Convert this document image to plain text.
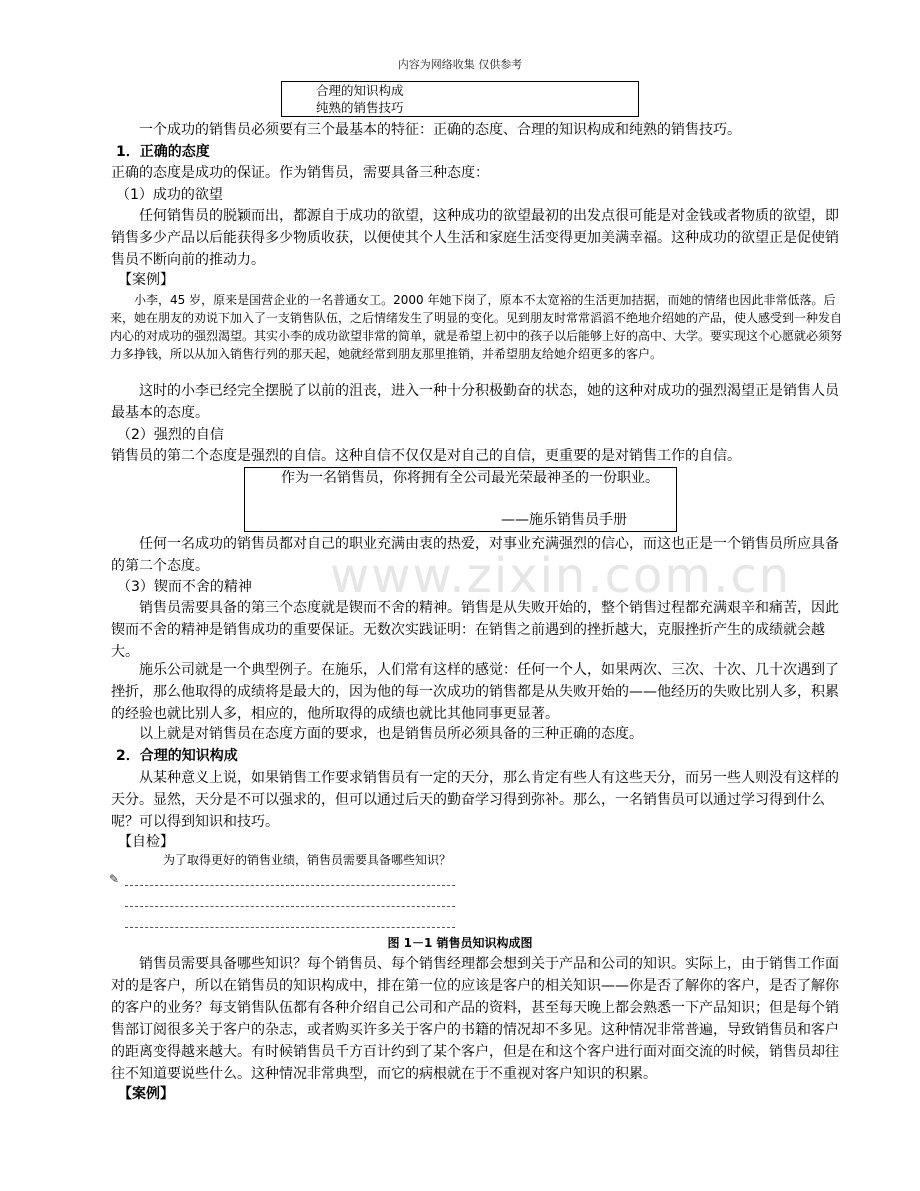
www.zixin.com.cn
内容为网络收集 仅供参考
合理的知识构成
纯熟的销售技巧

一个成功的销售员必须要有三个最基本的特征：正确的态度、合理的知识构成和纯熟的销售技巧。

1．正确的态度

正确的态度是成功的保证。作为销售员，需要具备三种态度：

（1）成功的欲望

任何销售员的脱颖而出，都源自于成功的欲望，这种成功的欲望最初的出发点很可能是对金钱或者物质的欲望，即销售多少产品以后能获得多少物质收获，以便使其个人生活和家庭生活变得更加美满幸福。这种成功的欲望正是促使销售员不断向前的推动力。

【案例】

小李，45 岁，原来是国营企业的一名普通女工。2000 年她下岗了，原本不太宽裕的生活更加拮据，而她的情绪也因此非常低落。后来，她在朋友的劝说下加入了一支销售队伍，之后情绪发生了明显的变化。见到朋友时常常滔滔不绝地介绍她的产品，使人感受到一种发自内心的对成功的强烈渴望。其实小李的成功欲望非常的简单，就是希望上初中的孩子以后能够上好的高中、大学。要实现这个心愿就必须努力多挣钱，所以从加入销售行列的那天起，她就经常到朋友那里推销，并希望朋友给她介绍更多的客户。

这时的小李已经完全摆脱了以前的沮丧，进入一种十分积极勤奋的状态，她的这种对成功的强烈渴望正是销售人员最基本的态度。

（2）强烈的自信

销售员的第二个态度是强烈的自信。这种自信不仅仅是对自己的自信，更重要的是对销售工作的自信。

作为一名销售员，你将拥有全公司最光荣最神圣的一份职业。
——施乐销售员手册

任何一名成功的销售员都对自己的职业充满由衷的热爱，对事业充满强烈的信心，而这也正是一个销售员所应具备的第二个态度。

（3）锲而不舍的精神

销售员需要具备的第三个态度就是锲而不舍的精神。销售是从失败开始的，整个销售过程都充满艰辛和痛苦，因此锲而不舍的精神是销售成功的重要保证。无数次实践证明：在销售之前遇到的挫折越大，克服挫折产生的成绩就会越大。

施乐公司就是一个典型例子。在施乐，人们常有这样的感觉：任何一个人，如果两次、三次、十次、几十次遇到了挫折，那么他取得的成绩将是最大的，因为他的每一次成功的销售都是从失败开始的——他经历的失败比别人多，积累的经验也就比别人多，相应的，他所取得的成绩也就比其他同事更显著。

以上就是对销售员在态度方面的要求，也是销售员所必须具备的三种正确的态度。

2．合理的知识构成

从某种意义上说，如果销售工作要求销售员有一定的天分，那么肯定有些人有这些天分，而另一些人则没有这样的天分。显然，天分是不可以强求的，但可以通过后天的勤奋学习得到弥补。那么，一名销售员可以通过学习得到什么呢？可以得到知识和技巧。

【自检】

为了取得更好的销售业绩，销售员需要具备哪些知识？
✎
图 1－1 销售员知识构成图

销售员需要具备哪些知识？每个销售员、每个销售经理都会想到关于产品和公司的知识。实际上，由于销售工作面对的是客户，所以在销售员的知识构成中，排在第一位的应该是客户的相关知识——你是否了解你的客户，是否了解你的客户的业务？每支销售队伍都有各种介绍自己公司和产品的资料，甚至每天晚上都会熟悉一下产品知识；但是每个销售部订阅很多关于客户的杂志，或者购买许多关于客户的书籍的情况却不多见。这种情况非常普遍，导致销售员和客户的距离变得越来越大。有时候销售员千方百计约到了某个客户，但是在和这个客户进行面对面交流的时候，销售员却往往不知道要说些什么。这种情况非常典型，而它的病根就在于不重视对客户知识的积累。

【案例】
